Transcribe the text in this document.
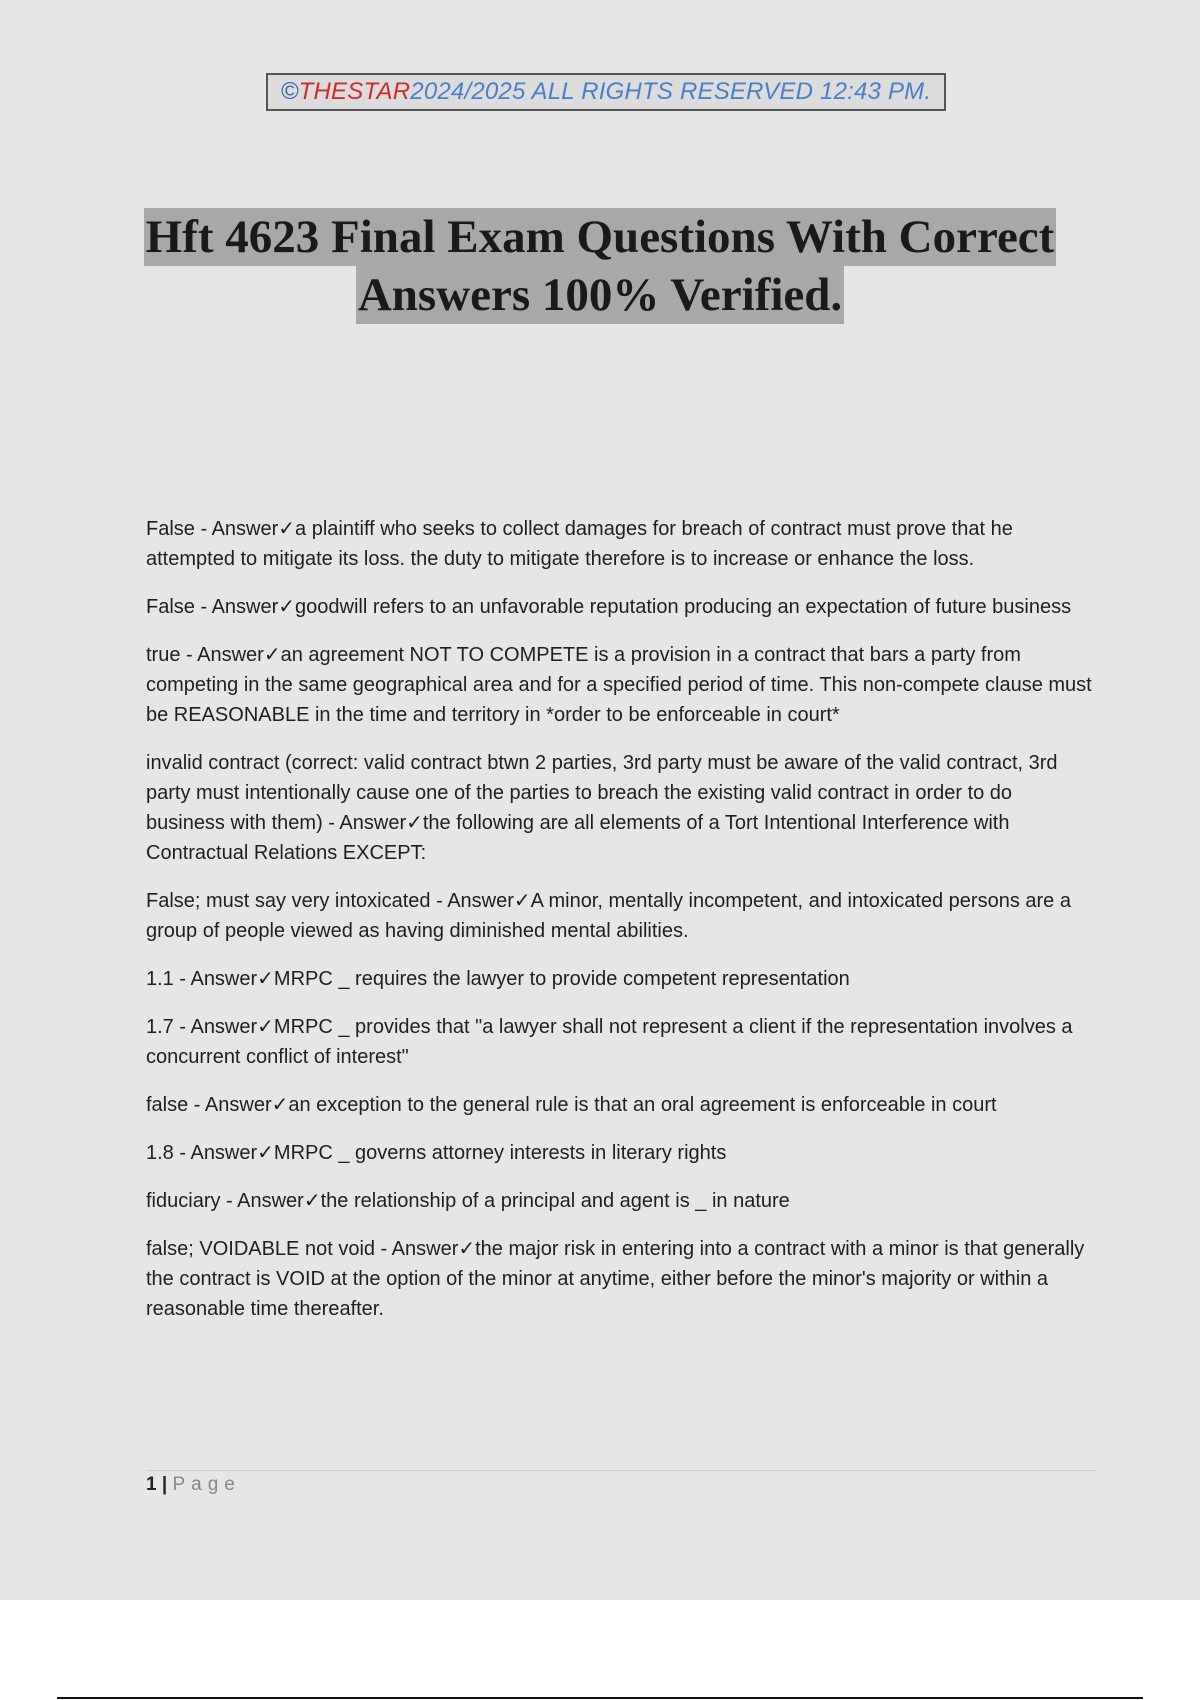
© THESTAR 2024/2025 ALL RIGHTS RESERVED 12:43 PM.
Hft 4623 Final Exam Questions With Correct
Answers 100% Verified.

False - Answer✓a plaintiff who seeks to collect damages for breach of contract must prove that he attempted to mitigate its loss. the duty to mitigate therefore is to increase or enhance the loss.

False - Answer✓goodwill refers to an unfavorable reputation producing an expectation of future business

true - Answer✓an agreement NOT TO COMPETE is a provision in a contract that bars a party from competing in the same geographical area and for a specified period of time. This non-compete clause must be REASONABLE in the time and territory in *order to be enforceable in court*

invalid contract (correct: valid contract btwn 2 parties, 3rd party must be aware of the valid contract, 3rd party must intentionally cause one of the parties to breach the existing valid contract in order to do business with them) - Answer✓the following are all elements of a Tort Intentional Interference with Contractual Relations EXCEPT:

False; must say very intoxicated - Answer✓A minor, mentally incompetent, and intoxicated persons are a group of people viewed as having diminished mental abilities.

1.1 - Answer✓MRPC _ requires the lawyer to provide competent representation

1.7 - Answer✓MRPC _ provides that "a lawyer shall not represent a client if the representation involves a concurrent conflict of interest"

false - Answer✓an exception to the general rule is that an oral agreement is enforceable in court

1.8 - Answer✓MRPC _ governs attorney interests in literary rights

fiduciary - Answer✓the relationship of a principal and agent is _ in nature

false; VOIDABLE not void - Answer✓the major risk in entering into a contract with a minor is that generally the contract is VOID at the option of the minor at anytime, either before the minor's majority or within a reasonable time thereafter.

1 | Page
